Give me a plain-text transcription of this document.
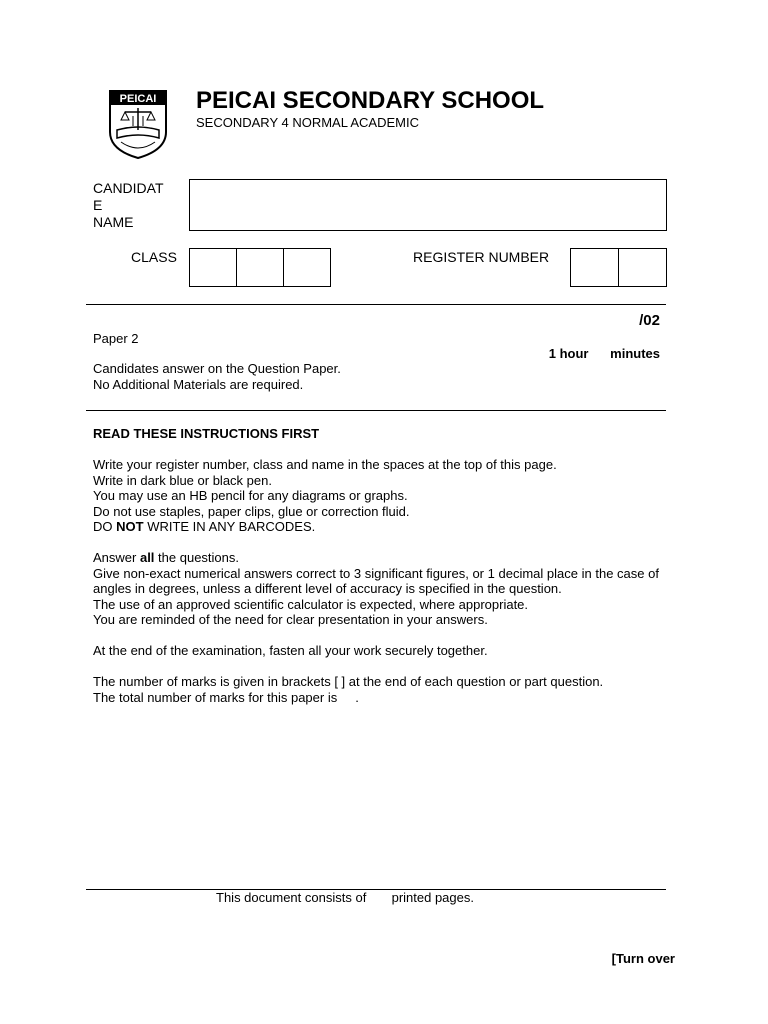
PEICAI PEICAI SECONDARY SCHOOL
SECONDARY 4 NORMAL ACADEMIC
CANDIDAT
E
NAME
CLASS	REGISTER NUMBER
/02
Paper 2
1 hour      minutes
Candidates answer on the Question Paper.
No Additional Materials are required.
READ THESE INSTRUCTIONS FIRST

Write your register number, class and name in the spaces at the top of this page.
Write in dark blue or black pen.
You may use an HB pencil for any diagrams or graphs.
Do not use staples, paper clips, glue or correction fluid.
DO NOT WRITE IN ANY BARCODES.

Answer all the questions.
Give non-exact numerical answers correct to 3 significant figures, or 1 decimal place in the case of angles in degrees, unless a different level of accuracy is specified in the question.
The use of an approved scientific calculator is expected, where appropriate.
You are reminded of the need for clear presentation in your answers.

At the end of the examination, fasten all your work securely together.

The number of marks is given in brackets [ ] at the end of each question or part question.
The total number of marks for this paper is     .

This document consists of       printed pages.
[Turn over
